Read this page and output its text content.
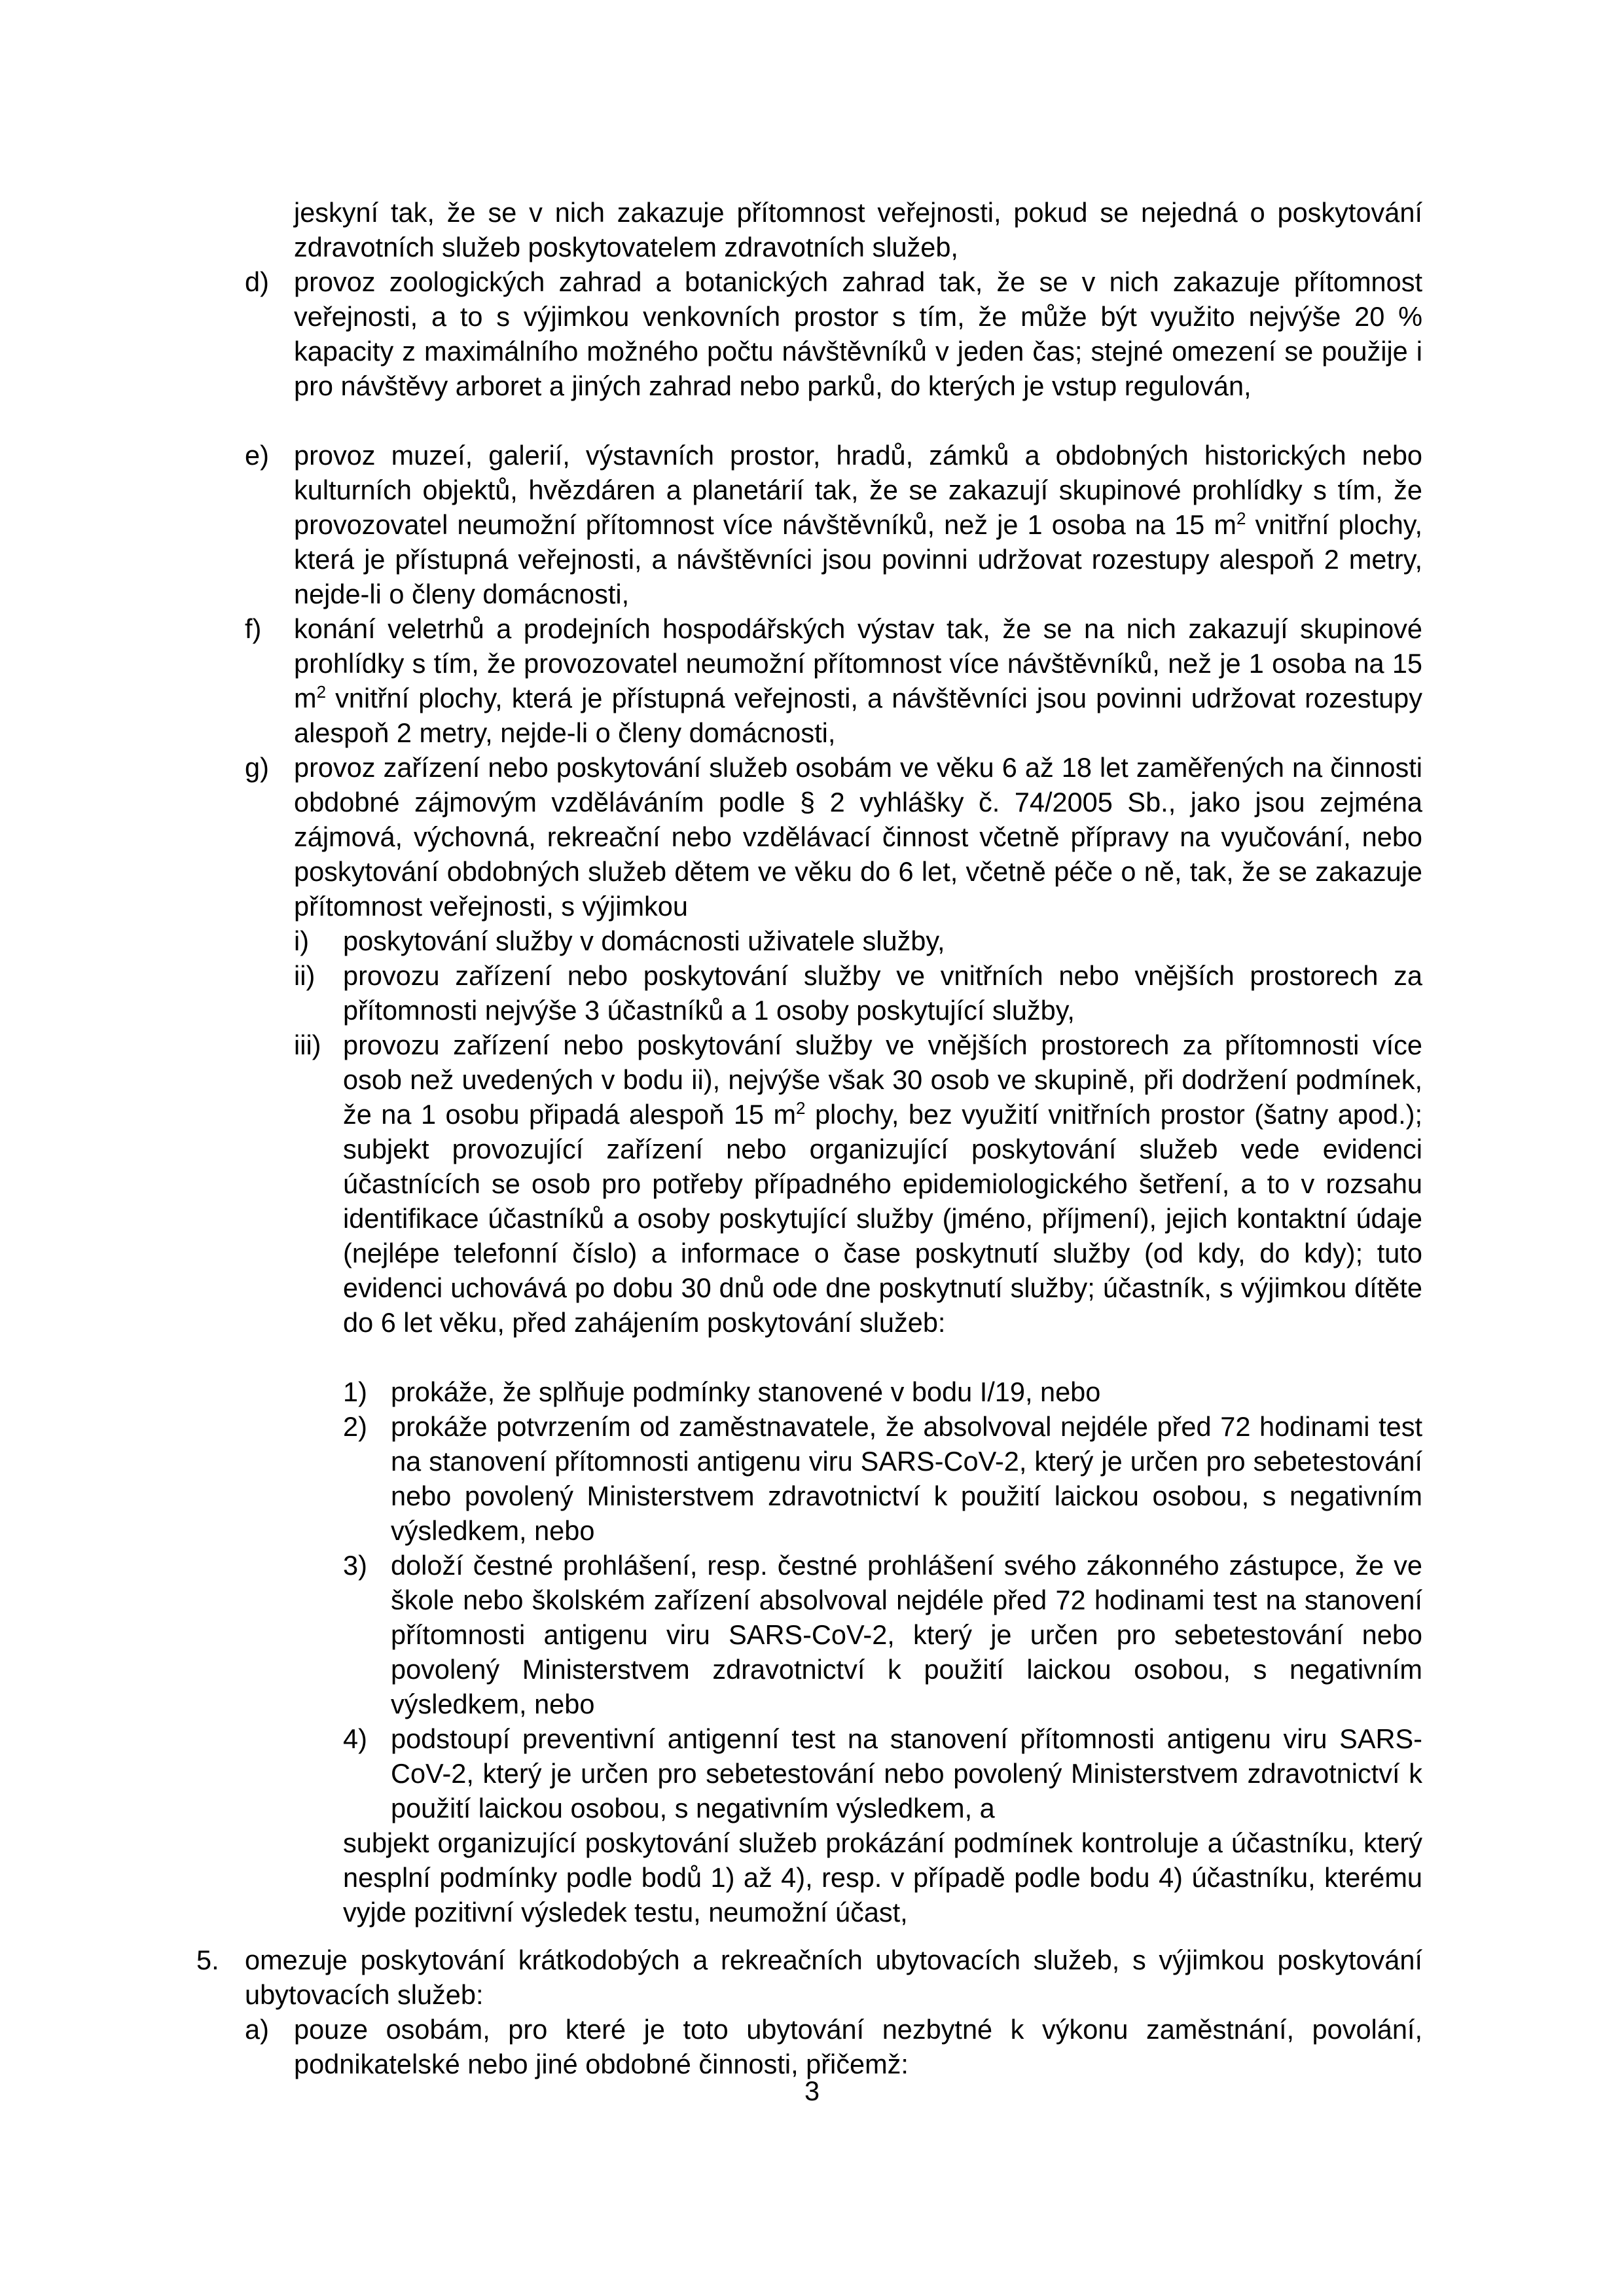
jeskyní tak, že se v nich zakazuje přítomnost veřejnosti, pokud se nejedná o poskytování zdravotních služeb poskytovatelem zdravotních služeb,
d) provoz zoologických zahrad a botanických zahrad tak, že se v nich zakazuje přítomnost veřejnosti, a to s výjimkou venkovních prostor s tím, že může být využito nejvýše 20 % kapacity z maximálního možného počtu návštěvníků v jeden čas; stejné omezení se použije i pro návštěvy arboret a jiných zahrad nebo parků, do kterých je vstup regulován,
e) provoz muzeí, galerií, výstavních prostor, hradů, zámků a obdobných historických nebo kulturních objektů, hvězdáren a planetárií tak, že se zakazují skupinové prohlídky s tím, že provozovatel neumožní přítomnost více návštěvníků, než je 1 osoba na 15 $m^2$ vnitřní plochy, která je přístupná veřejnosti, a návštěvníci jsou povinni udržovat rozestupy alespoň 2 metry, nejde-li o členy domácnosti,
f) konání veletrhů a prodejních hospodářských výstav tak, že se na nich zakazují skupinové prohlídky s tím, že provozovatel neumožní přítomnost více návštěvníků, než je 1 osoba na 15 $m^2$ vnitřní plochy, která je přístupná veřejnosti, a návštěvníci jsou povinni udržovat rozestupy alespoň 2 metry, nejde-li o členy domácnosti,
g) provoz zařízení nebo poskytování služeb osobám ve věku 6 až 18 let zaměřených na činnosti obdobné zájmovým vzděláváním podle § 2 vyhlášky č. 74/2005 Sb., jako jsou zejména zájmová, výchovná, rekreační nebo vzdělávací činnost včetně přípravy na vyučování, nebo poskytování obdobných služeb dětem ve věku do 6 let, včetně péče o ně, tak, že se zakazuje přítomnost veřejnosti, s výjimkou
i) poskytování služby v domácnosti uživatele služby,
ii) provozu zařízení nebo poskytování služby ve vnitřních nebo vnějších prostorech za přítomnosti nejvýše 3 účastníků a 1 osoby poskytující služby,
iii) provozu zařízení nebo poskytování služby ve vnějších prostorech za přítomnosti více osob než uvedených v bodu ii), nejvýše však 30 osob ve skupině, při dodržení podmínek, že na 1 osobu připadá alespoň 15 $m^2$ plochy, bez využití vnitřních prostor (šatny apod.); subjekt provozující zařízení nebo organizující poskytování služeb vede evidenci účastnících se osob pro potřeby případného epidemiologického šetření, a to v rozsahu identifikace účastníků a osoby poskytující služby (jméno, příjmení), jejich kontaktní údaje (nejlépe telefonní číslo) a informace o čase poskytnutí služby (od kdy, do kdy); tuto evidenci uchovává po dobu 30 dnů ode dne poskytnutí služby; účastník, s výjimkou dítěte do 6 let věku, před zahájením poskytování služeb:
1) prokáže, že splňuje podmínky stanovené v bodu I/19, nebo
2) prokáže potvrzením od zaměstnavatele, že absolvoval nejdéle před 72 hodinami test na stanovení přítomnosti antigenu viru SARS-CoV-2, který je určen pro sebetestování nebo povolený Ministerstvem zdravotnictví k použití laickou osobou, s negativním výsledkem, nebo
3) doloží čestné prohlášení, resp. čestné prohlášení svého zákonného zástupce, že ve škole nebo školském zařízení absolvoval nejdéle před 72 hodinami test na stanovení přítomnosti antigenu viru SARS-CoV-2, který je určen pro sebetestování nebo povolený Ministerstvem zdravotnictví k použití laickou osobou, s negativním výsledkem, nebo
4) podstoupí preventivní antigenní test na stanovení přítomnosti antigenu viru SARS-CoV-2, který je určen pro sebetestování nebo povolený Ministerstvem zdravotnictví k použití laickou osobou, s negativním výsledkem, a
subjekt organizující poskytování služeb prokázání podmínek kontroluje a účastníku, který nesplní podmínky podle bodů 1) až 4), resp. v případě podle bodu 4) účastníku, kterému vyjde pozitivní výsledek testu, neumožní účast,
5. omezuje poskytování krátkodobých a rekreačních ubytovacích služeb, s výjimkou poskytování ubytovacích služeb:
a) pouze osobám, pro které je toto ubytování nezbytné k výkonu zaměstnání, povolání, podnikatelské nebo jiné obdobné činnosti, přičemž:
3
